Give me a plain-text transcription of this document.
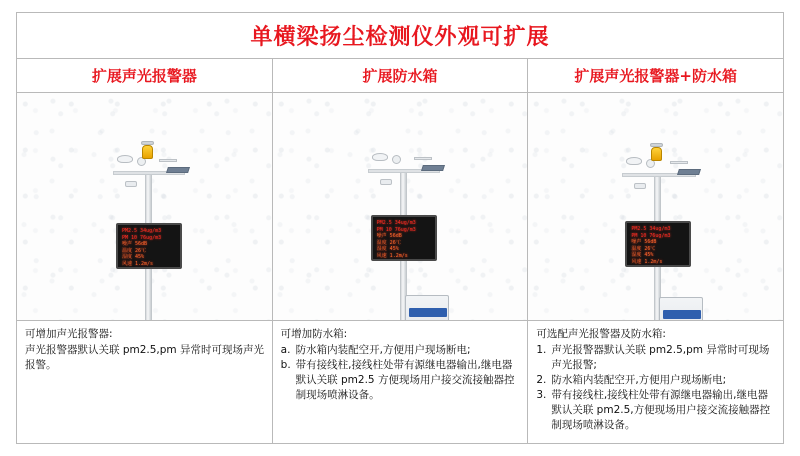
单横梁扬尘检测仪外观可扩展
扩展声光报警器	扩展防水箱	扩展声光报警器+防水箱
PM2.5 34ug/m3
PM 10 76ug/m3
噪声 56dB
温度 26℃
湿度 45%
风速 1.2m/s
PM2.5 34ug/m3
PM 10 76ug/m3
噪声 56dB
温度 26℃
湿度 45%
风速 1.2m/s
PM2.5 34ug/m3
PM 10 76ug/m3
噪声 56dB
温度 26℃
湿度 45%
风速 1.2m/s
可增加声光报警器:
声光报警器默认关联 pm2.5,pm 异常时可现场声光报警。
可增加防水箱:
a. 防水箱内装配空开,方便用户现场断电;
b. 带有接线柱,接线柱处带有源继电器输出,继电器默认关联 pm2.5 方便现场用户接交流接触器控制现场喷淋设备。
可选配声光报警器及防水箱:
1. 声光报警器默认关联 pm2.5,pm 异常时可现场声光报警;
2. 防水箱内装配空开,方便用户现场断电;
3. 带有接线柱,接线柱处带有源继电器输出,继电器默认关联 pm2.5,方便现场用户接交流接触器控制现场喷淋设备。
